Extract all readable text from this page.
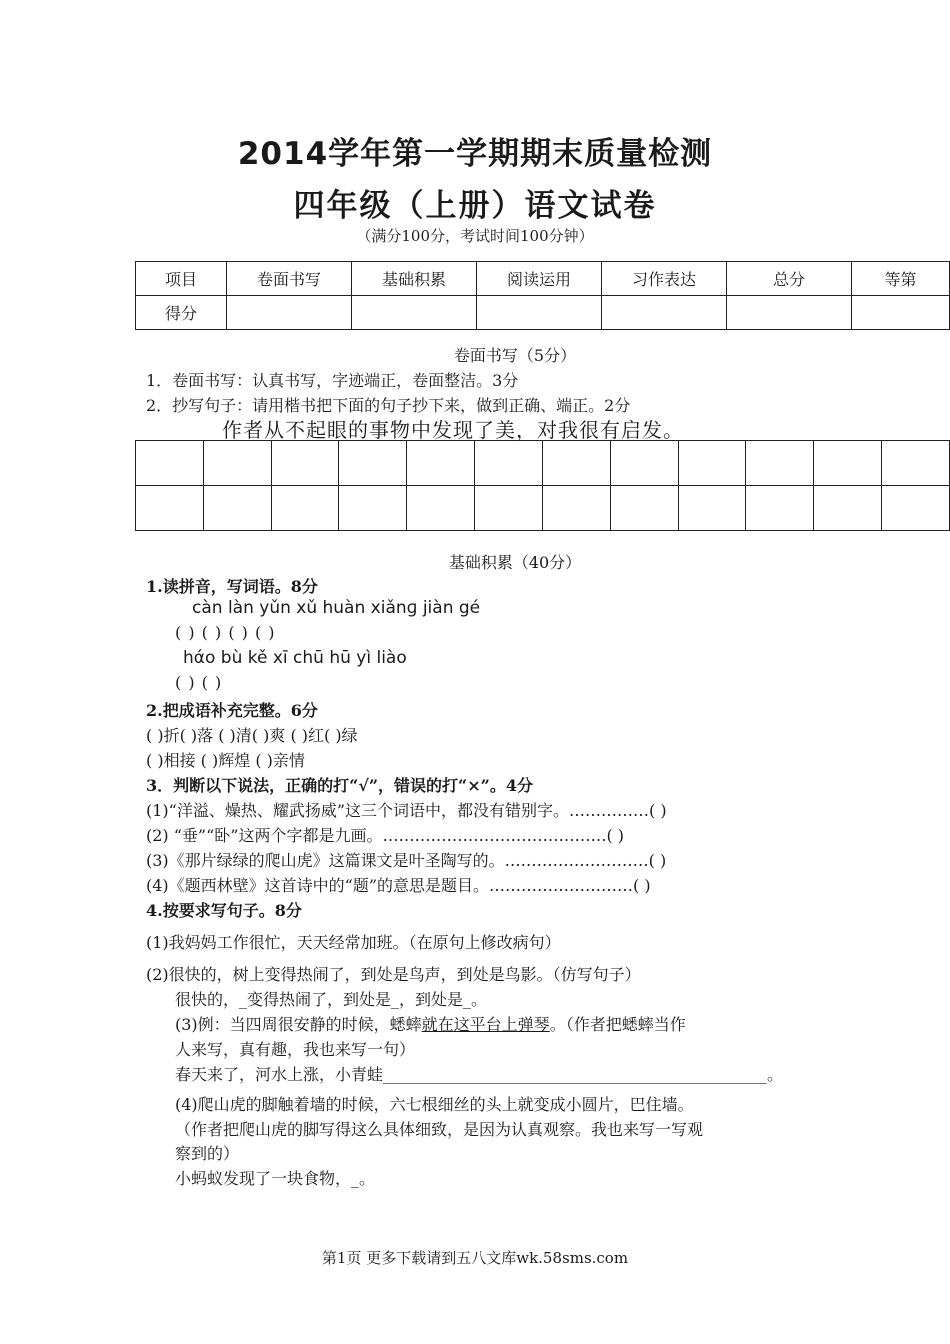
2014学年第一学期期末质量检测
四年级（上册）语文试卷
（满分100分，考试时间100分钟）
项目	卷面书写	基础积累	阅读运用	习作表达	总分	等第
得分						
卷面书写（5分）
1．卷面书写：认真书写，字迹端正，卷面整洁。3分
2．抄写句子：请用楷书把下面的句子抄下来，做到正确、端正。2分
作者从不起眼的事物中发现了美，对我很有启发。

基础积累（40分）
1.读拼音，写词语。8分
càn làn yǔn xǔ huàn xiǎnɡ jiàn gé
( ) ( ) ( ) ( )
hάo bù kě xī chū hū yì liào
( ) ( )
2.把成语补充完整。6分
( )折( )落 ( )清( )爽 ( )红( )绿
( )相接 ( )辉煌 ( )亲情
3．判断以下说法，正确的打“√”，错误的打“×”。4分
(1)“洋溢、燥热、耀武扬威”这三个词语中，都没有错别字。……………( )
(2) “垂”“卧”这两个字都是九画。……………………………………( )
(3)《那片绿绿的爬山虎》这篇课文是叶圣陶写的。………………………( )
(4)《题西林壁》这首诗中的“题”的意思是题目。………………………( )
4.按要求写句子。8分
(1)我妈妈工作很忙，天天经常加班。（在原句上修改病句）
(2)很快的，树上变得热闹了，到处是鸟声，到处是鸟影。（仿写句子）
很快的，_变得热闹了，到处是_，到处是_。
(3)例：当四周很安静的时候，蟋蟀就在这平台上弹琴。（作者把蟋蟀当作
人来写，真有趣，我也来写一句）
春天来了，河水上涨，小青蛙________________________________________________。
(4)爬山虎的脚触着墙的时候，六七根细丝的头上就变成小圆片，巴住墙。
（作者把爬山虎的脚写得这么具体细致，是因为认真观察。我也来写一写观
察到的）
小蚂蚁发现了一块食物，_。
第1页 更多下载请到五八文库wk.58sms.com
